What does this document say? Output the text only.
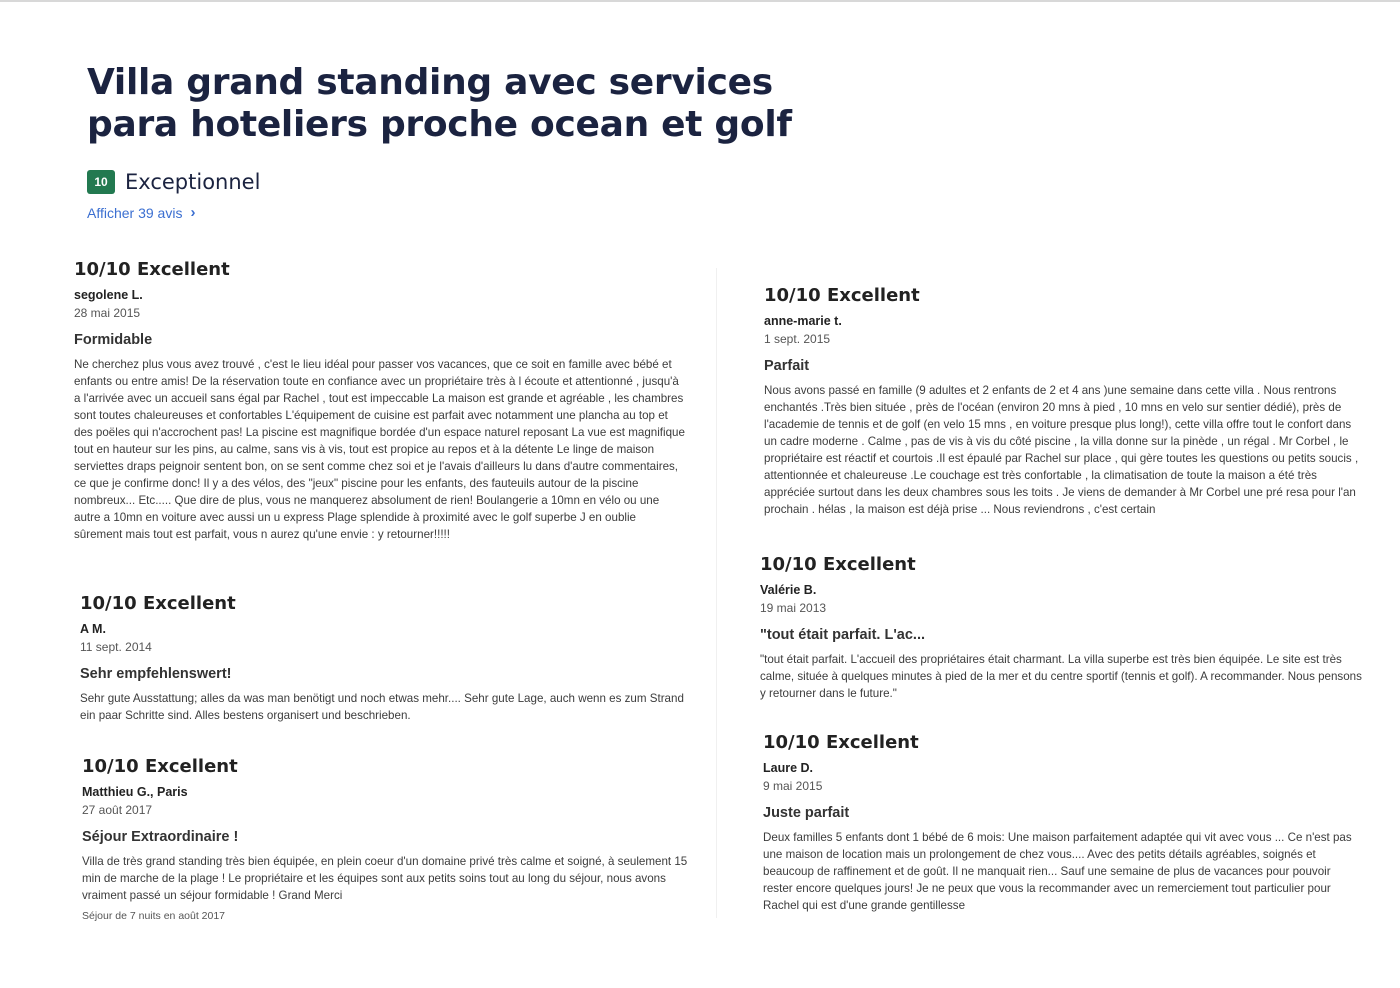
Villa grand standing avec services para hoteliers proche ocean et golf
10 Exceptionnel
Afficher 39 avis ›
10/10 Excellent
segolene L.
28 mai 2015
Formidable
Ne cherchez plus vous avez trouvé , c'est le lieu idéal pour passer vos vacances, que ce soit en famille avec bébé et enfants ou entre amis! De la réservation toute en confiance avec un propriétaire très à l écoute et attentionné , jusqu'à a l'arrivée avec un accueil sans égal par Rachel , tout est impeccable La maison est grande et agréable , les chambres sont toutes chaleureuses et confortables L'équipement de cuisine est parfait avec notamment une plancha au top et des poëles qui n'accrochent pas! La piscine est magnifique bordée d'un espace naturel reposant La vue est magnifique tout en hauteur sur les pins, au calme, sans vis à vis, tout est propice au repos et à la détente Le linge de maison serviettes draps peignoir sentent bon, on se sent comme chez soi et je l'avais d'ailleurs lu dans d'autre commentaires, ce que je confirme donc! Il y a des vélos, des "jeux" piscine pour les enfants, des fauteuils autour de la piscine nombreux... Etc..... Que dire de plus, vous ne manquerez absolument de rien! Boulangerie a 10mn en vélo ou une autre a 10mn en voiture avec aussi un u express Plage splendide à proximité avec le golf superbe J en oublie sûrement mais tout est parfait, vous n aurez qu'une envie : y retourner!!!!!
10/10 Excellent
A M.
11 sept. 2014
Sehr empfehlenswert!
Sehr gute Ausstattung; alles da was man benötigt und noch etwas mehr.... Sehr gute Lage, auch wenn es zum Strand ein paar Schritte sind. Alles bestens organisert und beschrieben.
10/10 Excellent
Matthieu G., Paris
27 août 2017
Séjour Extraordinaire !
Villa de très grand standing très bien équipée, en plein coeur d'un domaine privé très calme et soigné, à seulement 15 min de marche de la plage ! Le propriétaire et les équipes sont aux petits soins tout au long du séjour, nous avons vraiment passé un séjour formidable ! Grand Merci
Séjour de 7 nuits en août 2017
10/10 Excellent
anne-marie t.
1 sept. 2015
Parfait
Nous avons passé en famille (9 adultes et 2 enfants de 2 et 4 ans )une semaine dans cette villa . Nous rentrons enchantés .Très bien située , près de l'océan (environ 20 mns à pied , 10 mns en velo sur sentier dédié), près de l'academie de tennis et de golf (en velo 15 mns , en voiture presque plus long!), cette villa offre tout le confort dans un cadre moderne . Calme , pas de vis à vis du côté piscine , la villa donne sur la pinède , un régal . Mr Corbel , le propriétaire est réactif et courtois .Il est épaulé par Rachel sur place , qui gère toutes les questions ou petits soucis , attentionnée et chaleureuse .Le couchage est très confortable , la climatisation de toute la maison a été très appréciée surtout dans les deux chambres sous les toits . Je viens de demander à Mr Corbel une pré resa pour l'an prochain . hélas , la maison est déjà prise ... Nous reviendrons , c'est certain
10/10 Excellent
Valérie B.
19 mai 2013
"tout était parfait. L'ac...
"tout était parfait. L'accueil des propriétaires était charmant. La villa superbe est très bien équipée. Le site est très calme, située à quelques minutes à pied de la mer et du centre sportif (tennis et golf). A recommander. Nous pensons y retourner dans le future."
10/10 Excellent
Laure D.
9 mai 2015
Juste parfait
Deux familles 5 enfants dont 1 bébé de 6 mois: Une maison parfaitement adaptée qui vit avec vous ... Ce n'est pas une maison de location mais un prolongement de chez vous.... Avec des petits détails agréables, soignés et beaucoup de raffinement et de goût. Il ne manquait rien... Sauf une semaine de plus de vacances pour pouvoir rester encore quelques jours! Je ne peux que vous la recommander avec un remerciement tout particulier pour Rachel qui est d'une grande gentillesse
